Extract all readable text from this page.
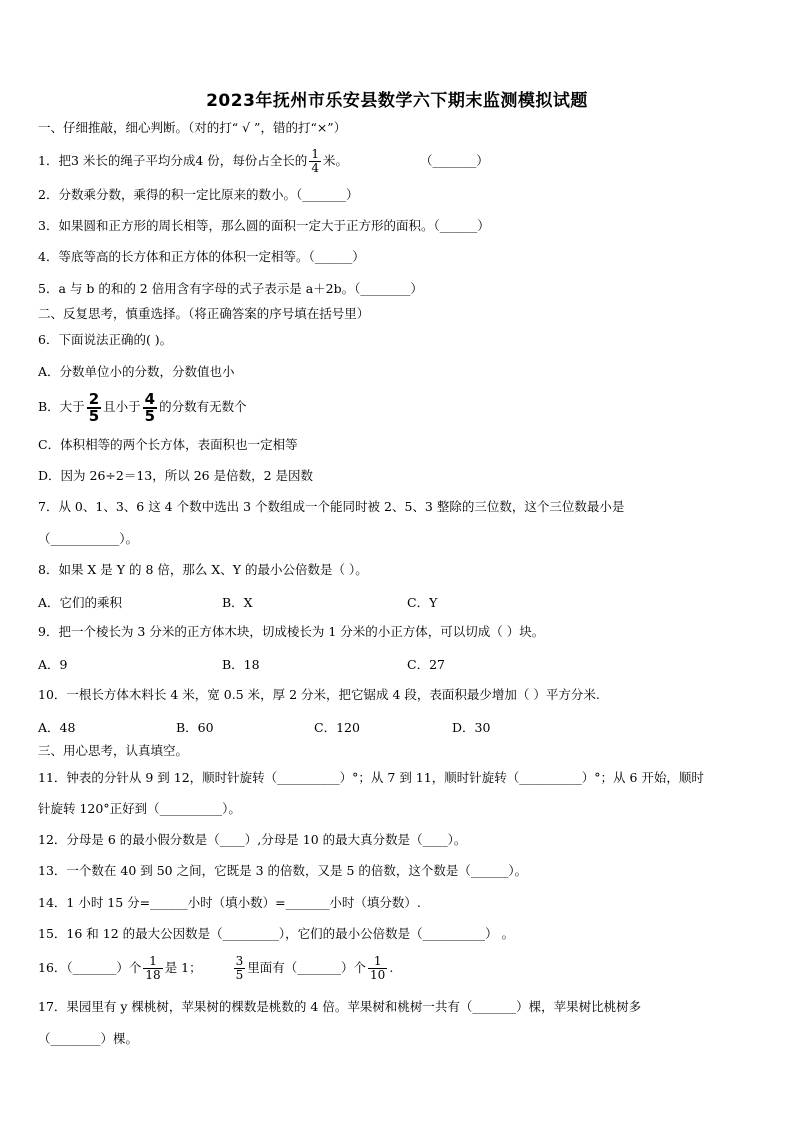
2023年抚州市乐安县数学六下期末监测模拟试题
一、仔细推敲，细心判断。（对的打“ √ ”，错的打“×”）
1．把3 米长的绳子平均分成4 份，每份占全长的 $\frac{1}{4}$ 米。	（_______）
2．分数乘分数，乘得的积一定比原来的数小。（_______）
3．如果圆和正方形的周长相等，那么圆的面积一定大于正方形的面积。（______）
4．等底等高的长方体和正方体的体积一定相等。（______）
5．a 与 b 的和的 2 倍用含有字母的式子表示是 a＋2b。（________）
二、反复思考，慎重选择。（将正确答案的序号填在括号里）
6．下面说法正确的( )。
A．分数单位小的分数，分数值也小
B．大于 $\frac{2}{5}$ 且小于 $\frac{4}{5}$ 的分数有无数个
C．体积相等的两个长方体，表面积也一定相等
D．因为 26÷2＝13，所以 26 是倍数，2 是因数
7．从 0、1、3、6 这 4 个数中选出 3 个数组成一个能同时被 2、5、3 整除的三位数，这个三位数最小是
（___________）。
8．如果 X 是 Y 的 8 倍，那么 X、Y 的最小公倍数是（ ）。
A．它们的乘积	B．X	C．Y
9．把一个棱长为 3 分米的正方体木块，切成棱长为 1 分米的小正方体，可以切成（ ）块。
A．9	B．18	C．27
10．一根长方体木料长 4 米，宽 0.5 米，厚 2 分米，把它锯成 4 段，表面积最少增加（ ）平方分米.
A．48	B．60	C．120	D．30
三、用心思考，认真填空。
11．钟表的分针从 9 到 12，顺时针旋转（__________）°；从 7 到 11，顺时针旋转（__________）°；从 6 开始，顺时
针旋转 120°正好到（__________）。
12．分母是 6 的最小假分数是（____）,分母是 10 的最大真分数是（____）。
13．一个数在 40 到 50 之间，它既是 3 的倍数，又是 5 的倍数，这个数是（______）。
14．1 小时 15 分=______小时（填小数）=_______小时（填分数）.
15．16 和 12 的最大公因数是（_________），它们的最小公倍数是（__________） 。
16．（_______）个 $\frac{1}{18}$ 是 1；	$\frac{3}{5}$ 里面有（_______）个 $\frac{1}{10}$ .
17．果园里有 y 棵桃树，苹果树的棵数是桃数的 4 倍。苹果树和桃树一共有（_______）棵，苹果树比桃树多
（________）棵。
